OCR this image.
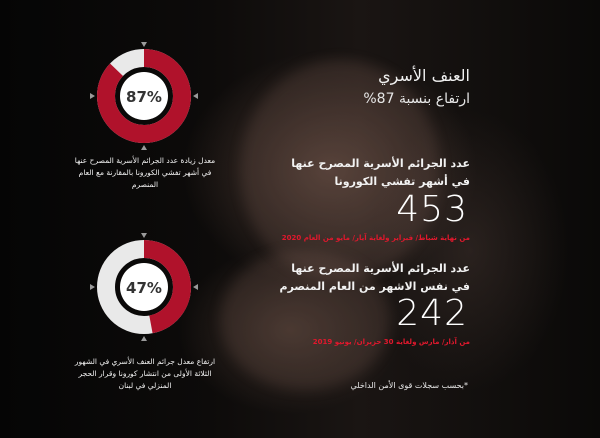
87%
معدل زيادة عدد الجرائم الأسرية المصرح عنها في أشهر تفشي الكورونا بالمقارنة مع العام المنصرم
47%
ارتفاع معدل جرائم العنف الأسري في الشهور الثلاثة الأولى من انتشار كورونا وقرار الحجر المنزلي في لبنان
العنف الأسري
ارتفاع بنسبة 87%
عدد الجرائم الأسرية المصرح عنها في أشهر تفشي الكورونا
453
من نهاية شباط/ فبراير ولغاية آيار/ مايو من العام 2020
عدد الجرائم الأسرية المصرح عنها في نفس الاشهر من العام المنصرم
242
من آذار/ مارس ولغاية 30 حزيران/ يونيو 2019
*بحسب سجلات قوى الأمن الداخلي
